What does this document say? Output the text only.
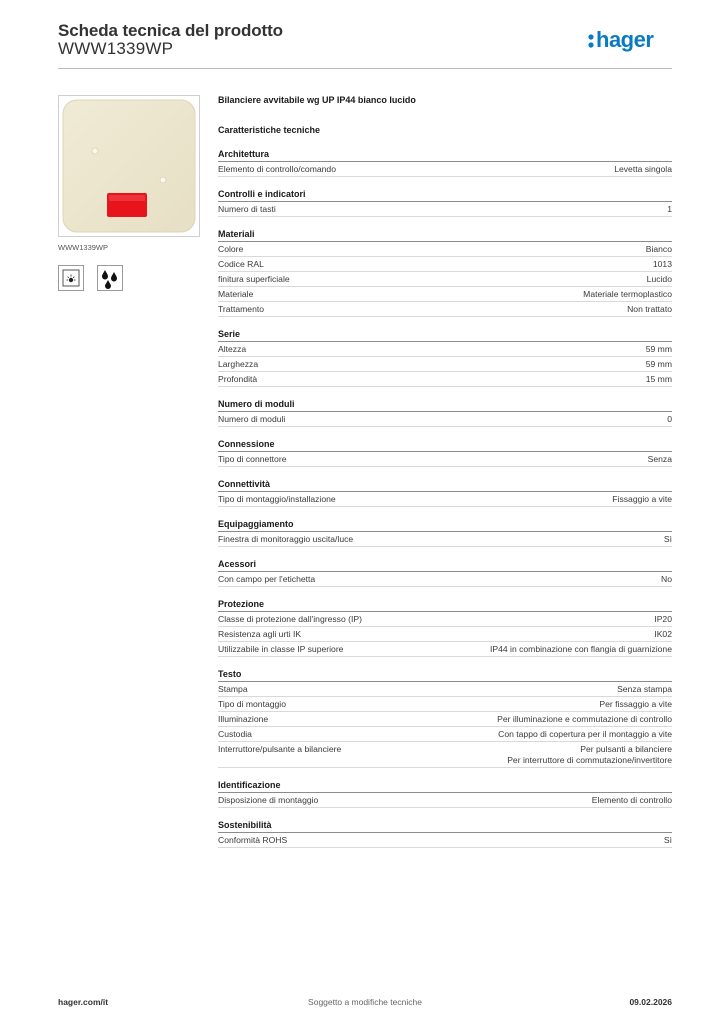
Scheda tecnica del prodotto
WWW1339WP	hager
WWW1339WP
Bilanciere avvitabile wg UP IP44 bianco lucido
Caratteristiche tecniche
Architettura
Elemento di controllo/comando	Levetta singola
Controlli e indicatori
Numero di tasti	1
Materiali
Colore	Bianco
Codice RAL	1013
finitura superficiale	Lucido
Materiale	Materiale termoplastico
Trattamento	Non trattato
Serie
Altezza	59 mm
Larghezza	59 mm
Profondità	15 mm
Numero di moduli
Numero di moduli	0
Connessione
Tipo di connettore	Senza
Connettività
Tipo di montaggio/installazione	Fissaggio a vite
Equipaggiamento
Finestra di monitoraggio uscita/luce	Sì
Acessori
Con campo per l'etichetta	No
Protezione
Classe di protezione dall'ingresso (IP)	IP20
Resistenza agli urti IK	IK02
Utilizzabile in classe IP superiore	IP44 in combinazione con flangia di guarnizione
Testo
Stampa	Senza stampa
Tipo di montaggio	Per fissaggio a vite
Illuminazione	Per illuminazione e commutazione di controllo
Custodia	Con tappo di copertura per il montaggio a vite
Interruttore/pulsante a bilanciere	Per pulsanti a bilanciere
Per interruttore di commutazione/invertitore
Identificazione
Disposizione di montaggio	Elemento di controllo
Sostenibilità
Conformità ROHS	Sì
hager.com/it	Soggetto a modifiche tecniche	09.02.2026
